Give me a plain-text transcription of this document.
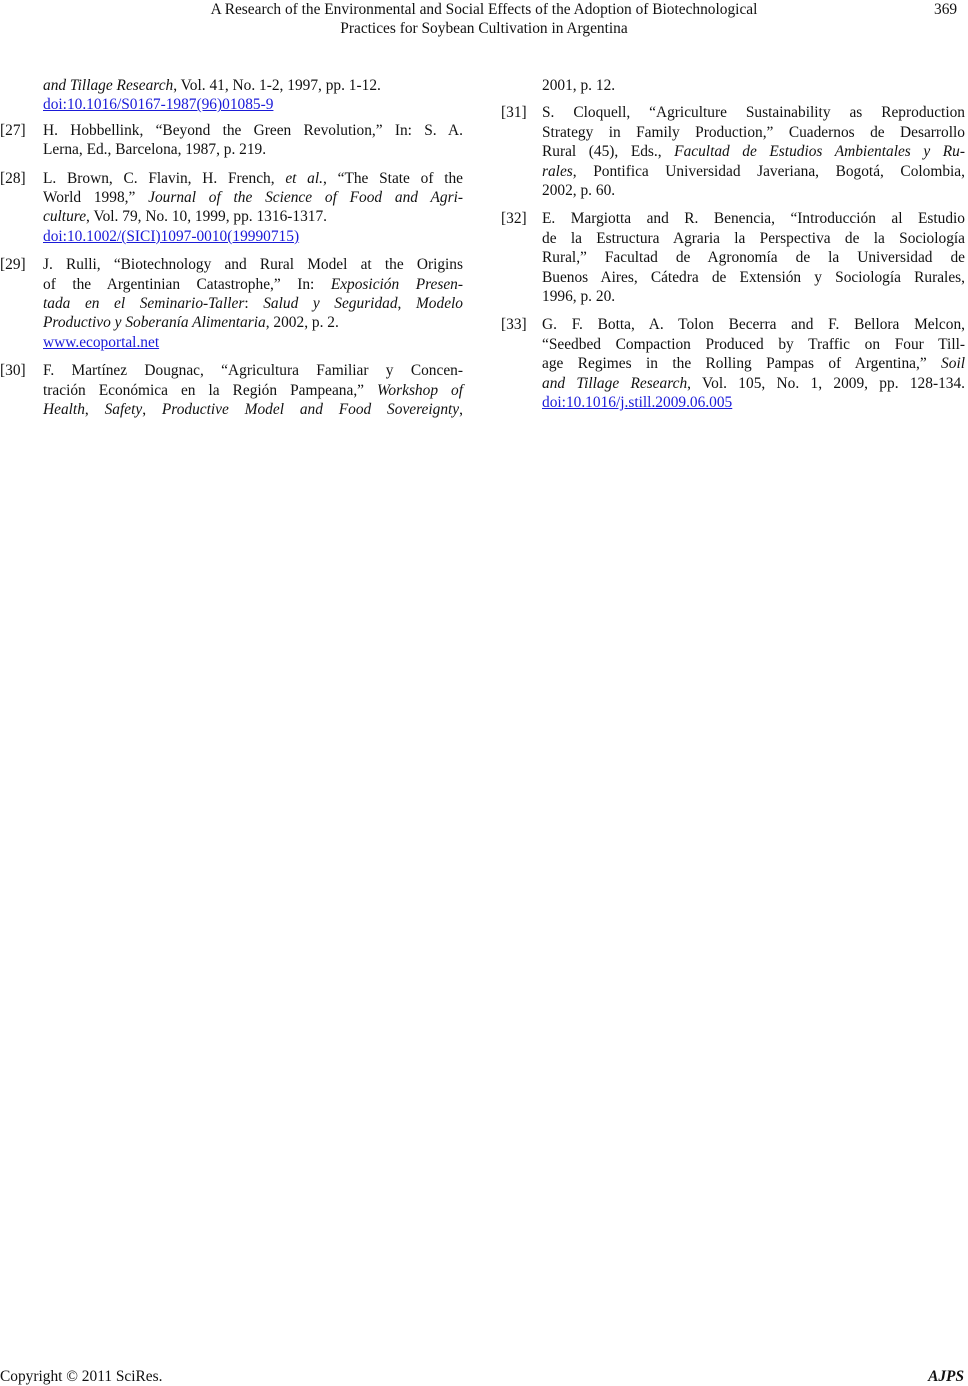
A Research of the Environmental and Social Effects of the Adoption of Biotechnological
Practices for Soybean Cultivation in Argentina
369
and Tillage Research, Vol. 41, No. 1-2, 1997, pp. 1-12.
doi:10.1016/S0167-1987(96)01085-9
[27] H. Hobbellink, “Beyond the Green Revolution,” In: S. A.
Lerna, Ed., Barcelona, 1987, p. 219.
[28] L. Brown, C. Flavin, H. French, et al., “The State of the
World 1998,” Journal of the Science of Food and Agri-
culture, Vol. 79, No. 10, 1999, pp. 1316-1317.
doi:10.1002/(SICI)1097-0010(19990715)
[29] J. Rulli, “Biotechnology and Rural Model at the Origins
of the Argentinian Catastrophe,” In: Exposición Presen-
tada en el Seminario-Taller: Salud y Seguridad, Modelo
Productivo y Soberanía Alimentaria, 2002, p. 2.
www.ecoportal.net
[30] F. Martínez Dougnac, “Agricultura Familiar y Concen-
tración Económica en la Región Pampeana,” Workshop of
Health, Safety, Productive Model and Food Sovereignty,
2001, p. 12.
[31] S. Cloquell, “Agriculture Sustainability as Reproduction
Strategy in Family Production,” Cuadernos de Desarrollo
Rural (45), Eds., Facultad de Estudios Ambientales y Ru-
rales, Pontifica Universidad Javeriana, Bogotá, Colombia,
2002, p. 60.
[32] E. Margiotta and R. Benencia, “Introducción al Estudio
de la Estructura Agraria la Perspectiva de la Sociología
Rural,” Facultad de Agronomía de la Universidad de
Buenos Aires, Cátedra de Extensión y Sociología Rurales,
1996, p. 20.
[33] G. F. Botta, A. Tolon Becerra and F. Bellora Melcon,
“Seedbed Compaction Produced by Traffic on Four Till-
age Regimes in the Rolling Pampas of Argentina,” Soil
and Tillage Research, Vol. 105, No. 1, 2009, pp. 128-134.
doi:10.1016/j.still.2009.06.005
Copyright © 2011 SciRes.	AJPS
